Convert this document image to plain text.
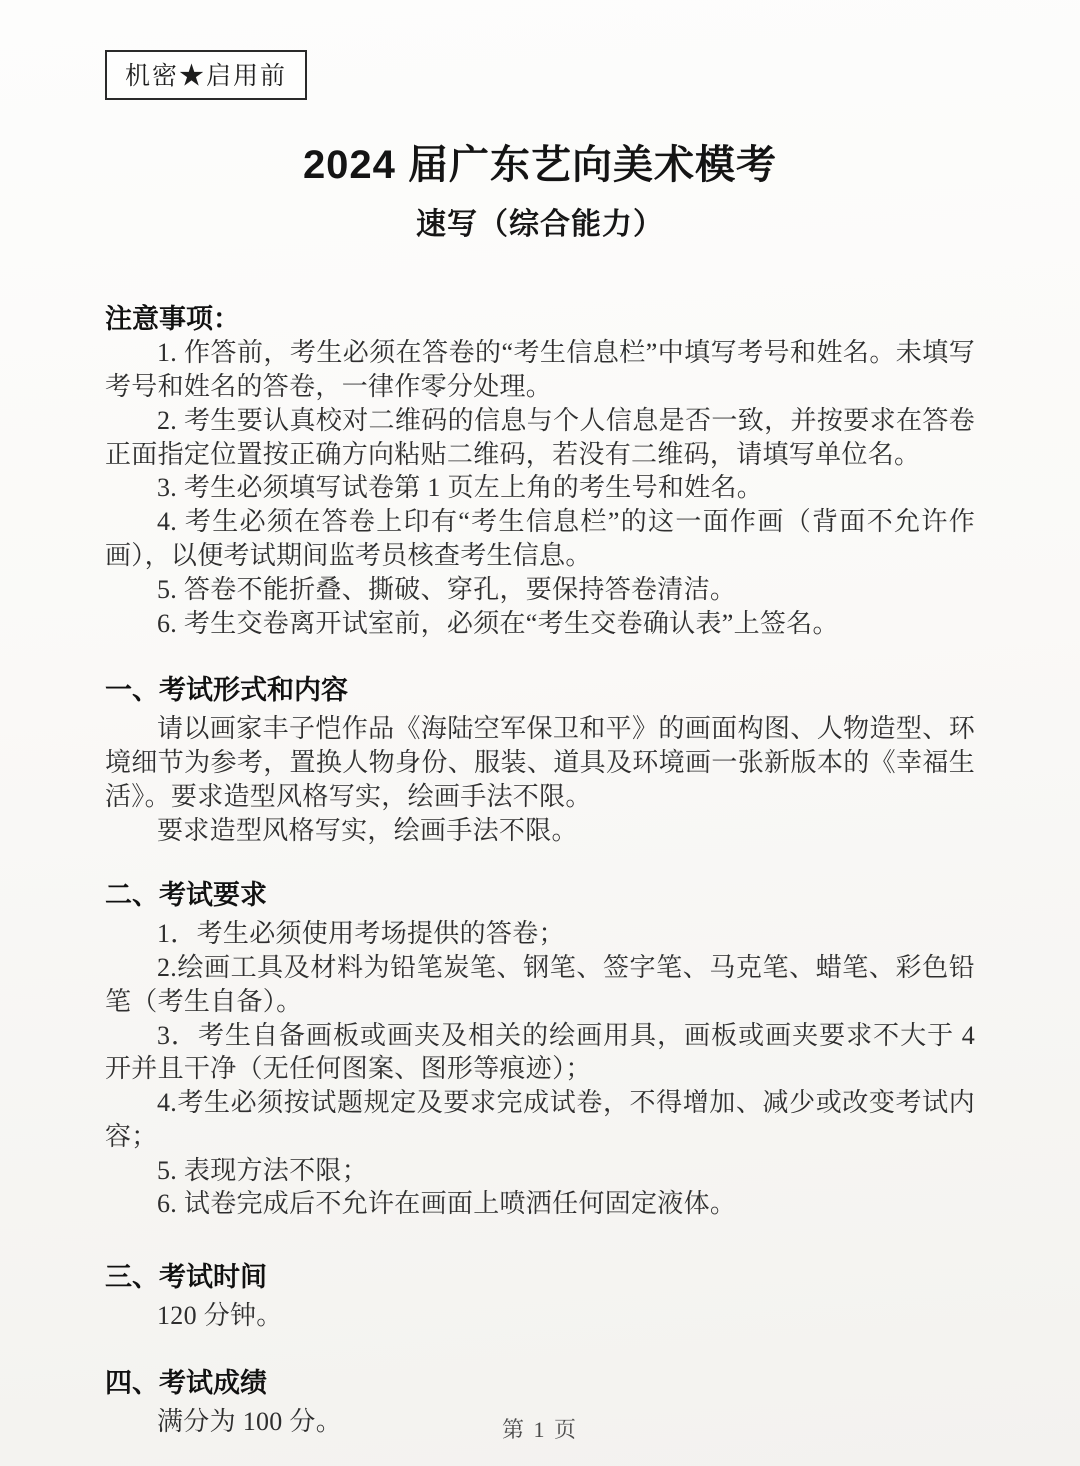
机密★启用前
2024 届广东艺向美术模考
速写（综合能力）
注意事项：

1. 作答前，考生必须在答卷的“考生信息栏”中填写考号和姓名。未填写考号和姓名的答卷，一律作零分处理。

2. 考生要认真校对二维码的信息与个人信息是否一致，并按要求在答卷正面指定位置按正确方向粘贴二维码，若没有二维码，请填写单位名。

3. 考生必须填写试卷第 1 页左上角的考生号和姓名。

4. 考生必须在答卷上印有“考生信息栏”的这一面作画（背面不允许作画），以便考试期间监考员核查考生信息。

5. 答卷不能折叠、撕破、穿孔，要保持答卷清洁。

6. 考生交卷离开试室前，必须在“考生交卷确认表”上签名。

一、考试形式和内容

请以画家丰子恺作品《海陆空军保卫和平》的画面构图、人物造型、环境细节为参考，置换人物身份、服装、道具及环境画一张新版本的《幸福生活》。要求造型风格写实，绘画手法不限。

要求造型风格写实，绘画手法不限。

二、考试要求

1．考生必须使用考场提供的答卷；

2.绘画工具及材料为铅笔炭笔、钢笔、签字笔、马克笔、蜡笔、彩色铅笔（考生自备）。

3．考生自备画板或画夹及相关的绘画用具，画板或画夹要求不大于 4 开并且干净（无任何图案、图形等痕迹）；

4.考生必须按试题规定及要求完成试卷，不得增加、减少或改变考试内容；

5. 表现方法不限；

6. 试卷完成后不允许在画面上喷洒任何固定液体。

三、考试时间

120 分钟。

四、考试成绩

满分为 100 分。	第 1 页
